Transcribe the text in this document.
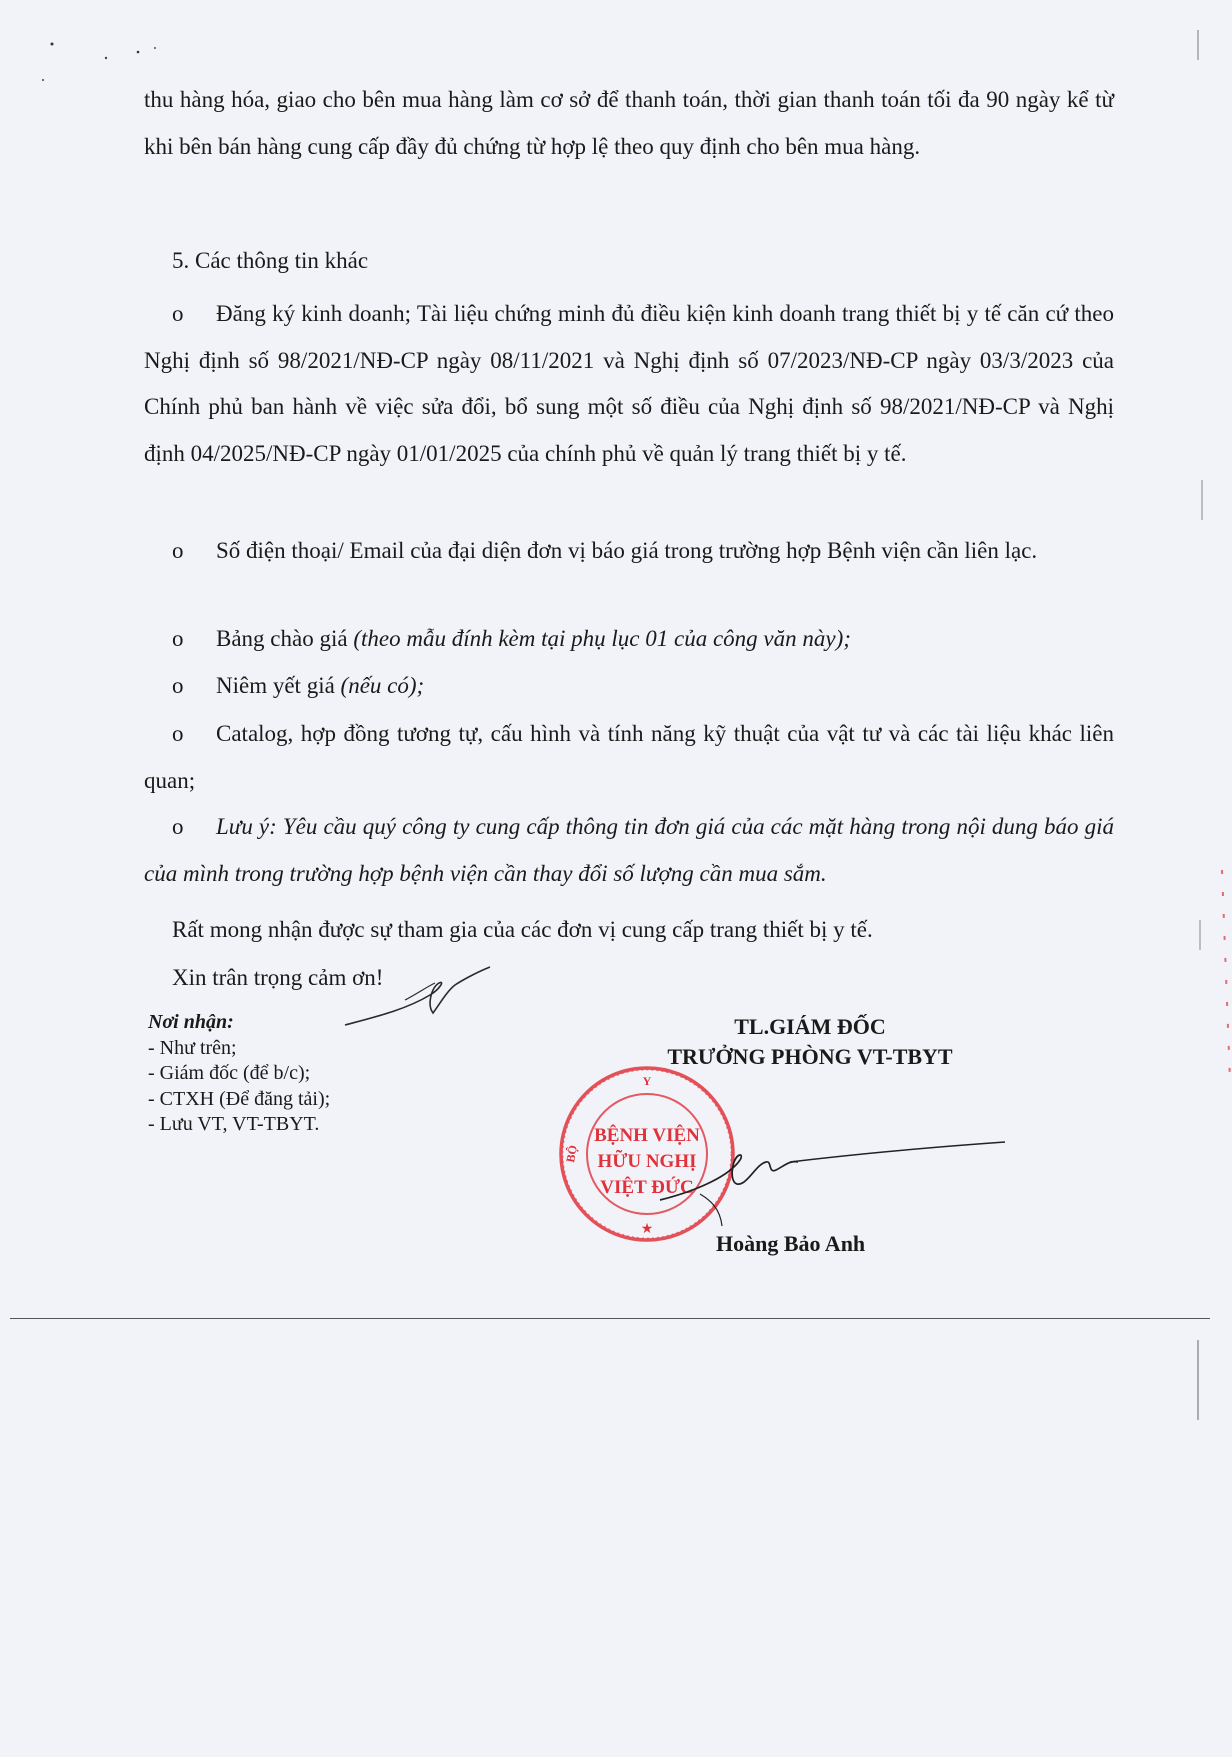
thu hàng hóa, giao cho bên mua hàng làm cơ sở để thanh toán, thời gian thanh toán tối đa 90 ngày kể từ khi bên bán hàng cung cấp đầy đủ chứng từ hợp lệ theo quy định cho bên mua hàng.
5. Các thông tin khác
o Đăng ký kinh doanh; Tài liệu chứng minh đủ điều kiện kinh doanh trang thiết bị y tế căn cứ theo Nghị định số 98/2021/NĐ-CP ngày 08/11/2021 và Nghị định số 07/2023/NĐ-CP ngày 03/3/2023 của Chính phủ ban hành về việc sửa đổi, bổ sung một số điều của Nghị định số 98/2021/NĐ-CP và Nghị định 04/2025/NĐ-CP ngày 01/01/2025 của chính phủ về quản lý trang thiết bị y tế.
o Số điện thoại/ Email của đại diện đơn vị báo giá trong trường hợp Bệnh viện cần liên lạc.
o Bảng chào giá (theo mẫu đính kèm tại phụ lục 01 của công văn này);
o Niêm yết giá (nếu có);
o Catalog, hợp đồng tương tự, cấu hình và tính năng kỹ thuật của vật tư và các tài liệu khác liên quan;
o Lưu ý: Yêu cầu quý công ty cung cấp thông tin đơn giá của các mặt hàng trong nội dung báo giá của mình trong trường hợp bệnh viện cần thay đổi số lượng cần mua sắm.
Rất mong nhận được sự tham gia của các đơn vị cung cấp trang thiết bị y tế.
Xin trân trọng cảm ơn!
Nơi nhận:
- Như trên;
- Giám đốc (để b/c);
- CTXH (Để đăng tải);
- Lưu VT, VT-TBYT.
TL.GIÁM ĐỐC
TRƯỞNG PHÒNG VT-TBYT
Y
★
BỘ
BỆNH VIỆN
HỮU NGHỊ
VIỆT ĐỨC
Hoàng Bảo Anh
